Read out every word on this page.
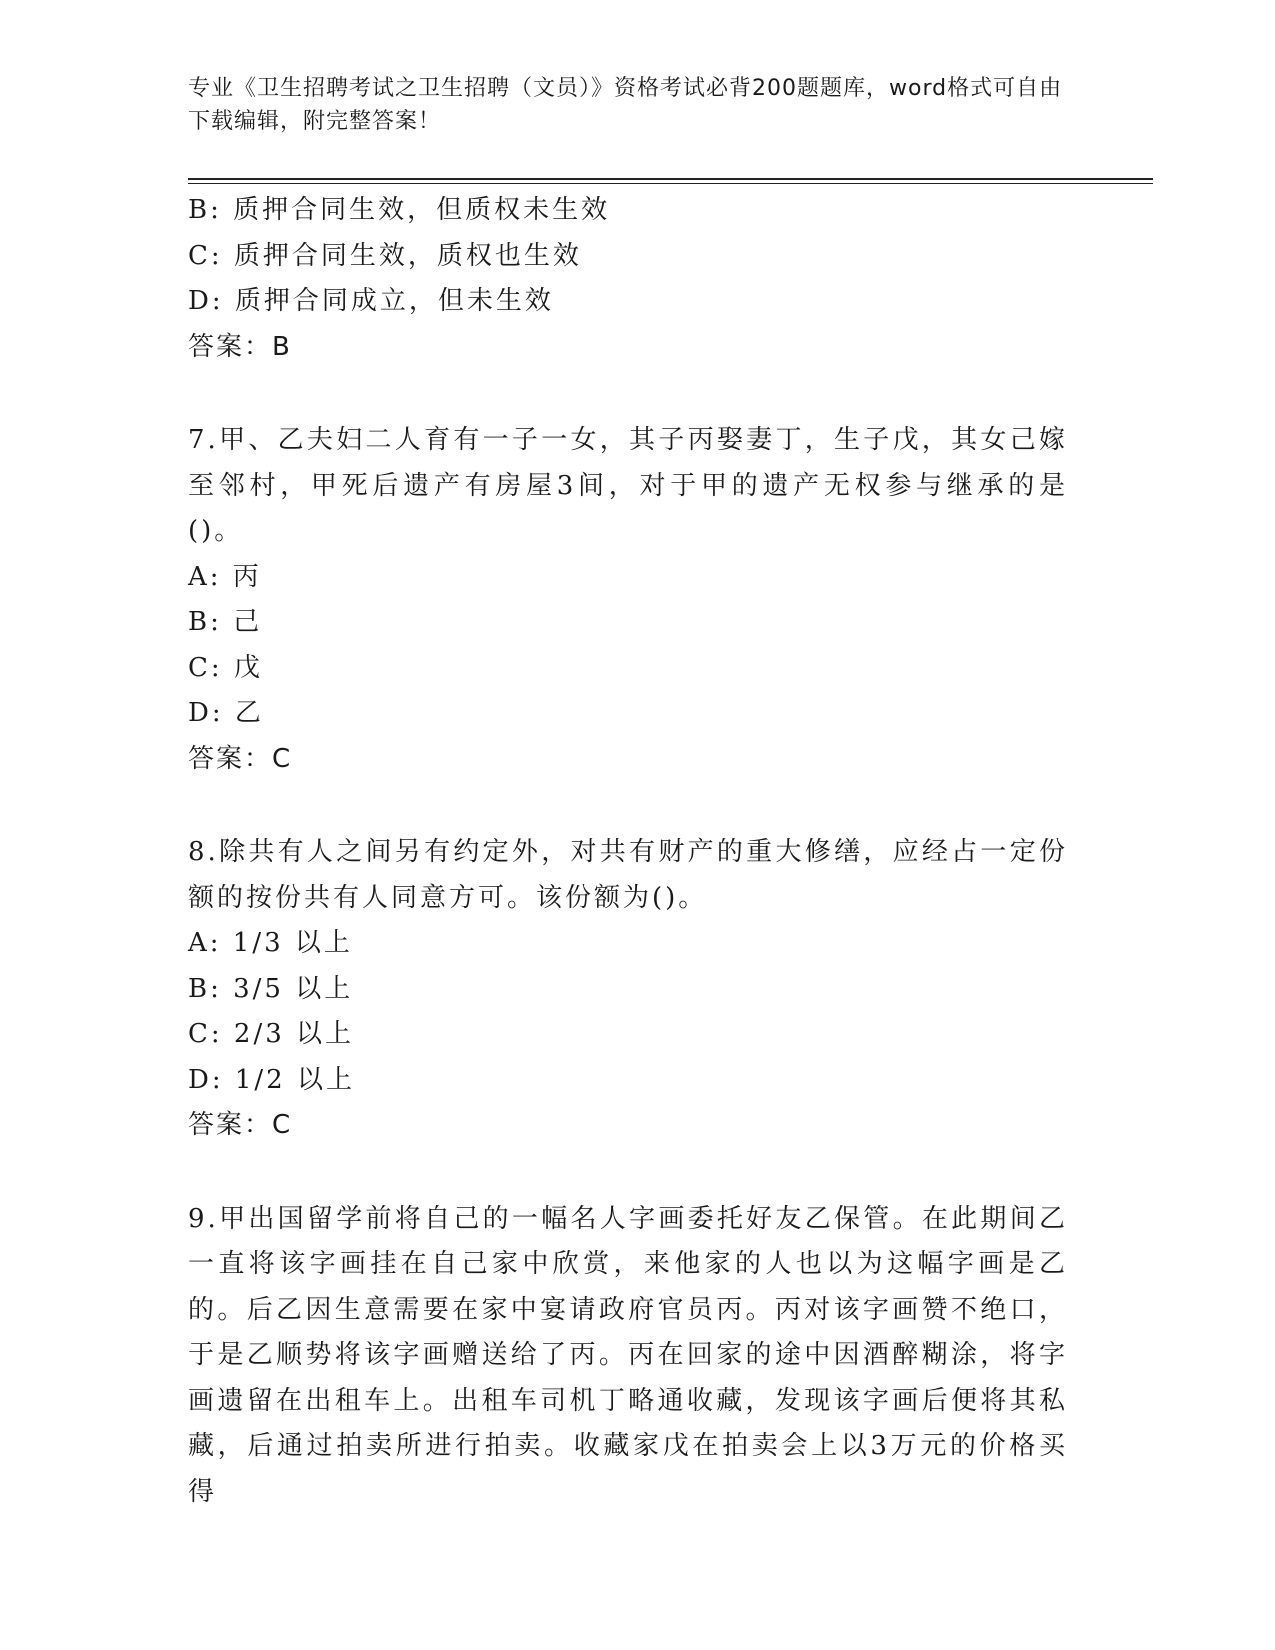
专业《卫生招聘考试之卫生招聘（文员）》资格考试必背200题题库，word格式可自由下载编辑，附完整答案！
B: 质押合同生效，但质权未生效
C: 质押合同生效，质权也生效
D: 质押合同成立，但未生效
答案：B
7.甲、乙夫妇二人育有一子一女，其子丙娶妻丁，生子戊，其女己嫁至邻村，甲死后遗产有房屋3间，对于甲的遗产无权参与继承的是()。
A: 丙
B: 己
C: 戊
D: 乙
答案：C
8.除共有人之间另有约定外，对共有财产的重大修缮，应经占一定份额的按份共有人同意方可。该份额为()。
A: 1/3 以上
B: 3/5 以上
C: 2/3 以上
D: 1/2 以上
答案：C
9.甲出国留学前将自己的一幅名人字画委托好友乙保管。在此期间乙一直将该字画挂在自己家中欣赏，来他家的人也以为这幅字画是乙的。后乙因生意需要在家中宴请政府官员丙。丙对该字画赞不绝口，于是乙顺势将该字画赠送给了丙。丙在回家的途中因酒醉糊涂，将字画遗留在出租车上。出租车司机丁略通收藏，发现该字画后便将其私藏，后通过拍卖所进行拍卖。收藏家戊在拍卖会上以3万元的价格买得
